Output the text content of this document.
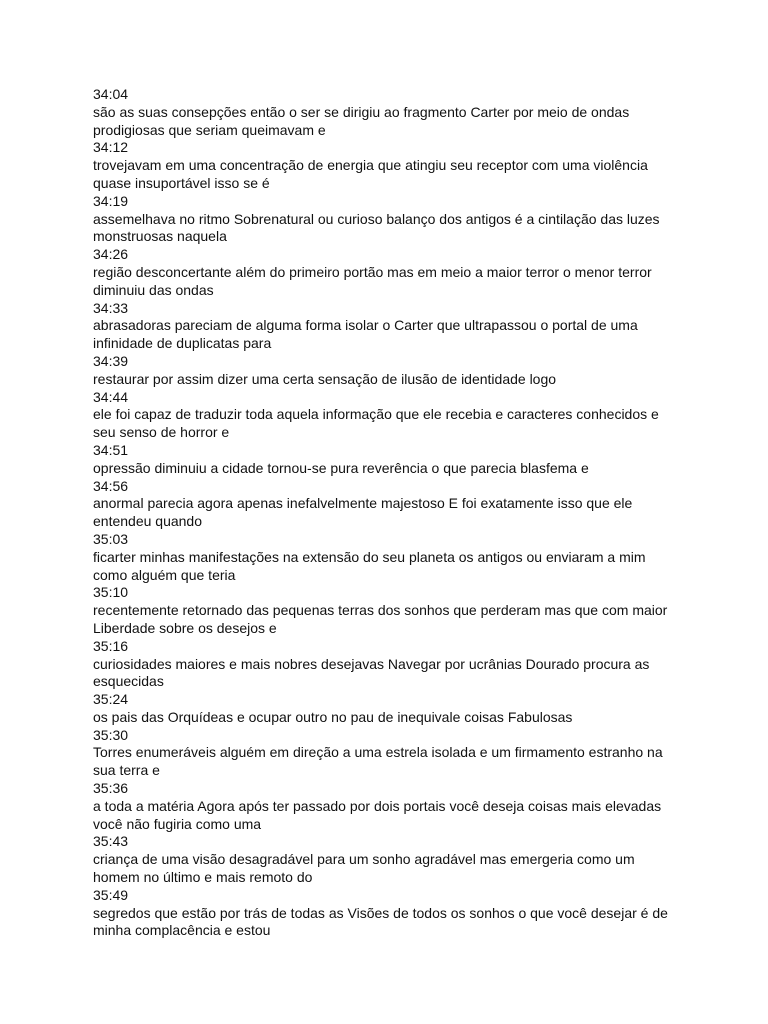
34:04
são as suas consepções então o ser se dirigiu ao fragmento Carter por meio de ondas prodigiosas que seriam queimavam e
34:12
trovejavam em uma concentração de energia que atingiu seu receptor com uma violência quase insuportável isso se é
34:19
assemelhava no ritmo Sobrenatural ou curioso balanço dos antigos é a cintilação das luzes monstruosas naquela
34:26
região desconcertante além do primeiro portão mas em meio a maior terror o menor terror diminuiu das ondas
34:33
abrasadoras pareciam de alguma forma isolar o Carter que ultrapassou o portal de uma infinidade de duplicatas para
34:39
restaurar por assim dizer uma certa sensação de ilusão de identidade logo
34:44
ele foi capaz de traduzir toda aquela informação que ele recebia e caracteres conhecidos e seu senso de horror e
34:51
opressão diminuiu a cidade tornou-se pura reverência o que parecia blasfema e
34:56
anormal parecia agora apenas inefalvelmente majestoso E foi exatamente isso que ele entendeu quando
35:03
ficarter minhas manifestações na extensão do seu planeta os antigos ou enviaram a mim como alguém que teria
35:10
recentemente retornado das pequenas terras dos sonhos que perderam mas que com maior Liberdade sobre os desejos e
35:16
curiosidades maiores e mais nobres desejavas Navegar por ucrânias Dourado procura as esquecidas
35:24
os pais das Orquídeas e ocupar outro no pau de inequivale coisas Fabulosas
35:30
Torres enumeráveis alguém em direção a uma estrela isolada e um firmamento estranho na sua terra e
35:36
a toda a matéria Agora após ter passado por dois portais você deseja coisas mais elevadas você não fugiria como uma
35:43
criança de uma visão desagradável para um sonho agradável mas emergeria como um homem no último e mais remoto do
35:49
segredos que estão por trás de todas as Visões de todos os sonhos o que você desejar é de minha complacência e estou
